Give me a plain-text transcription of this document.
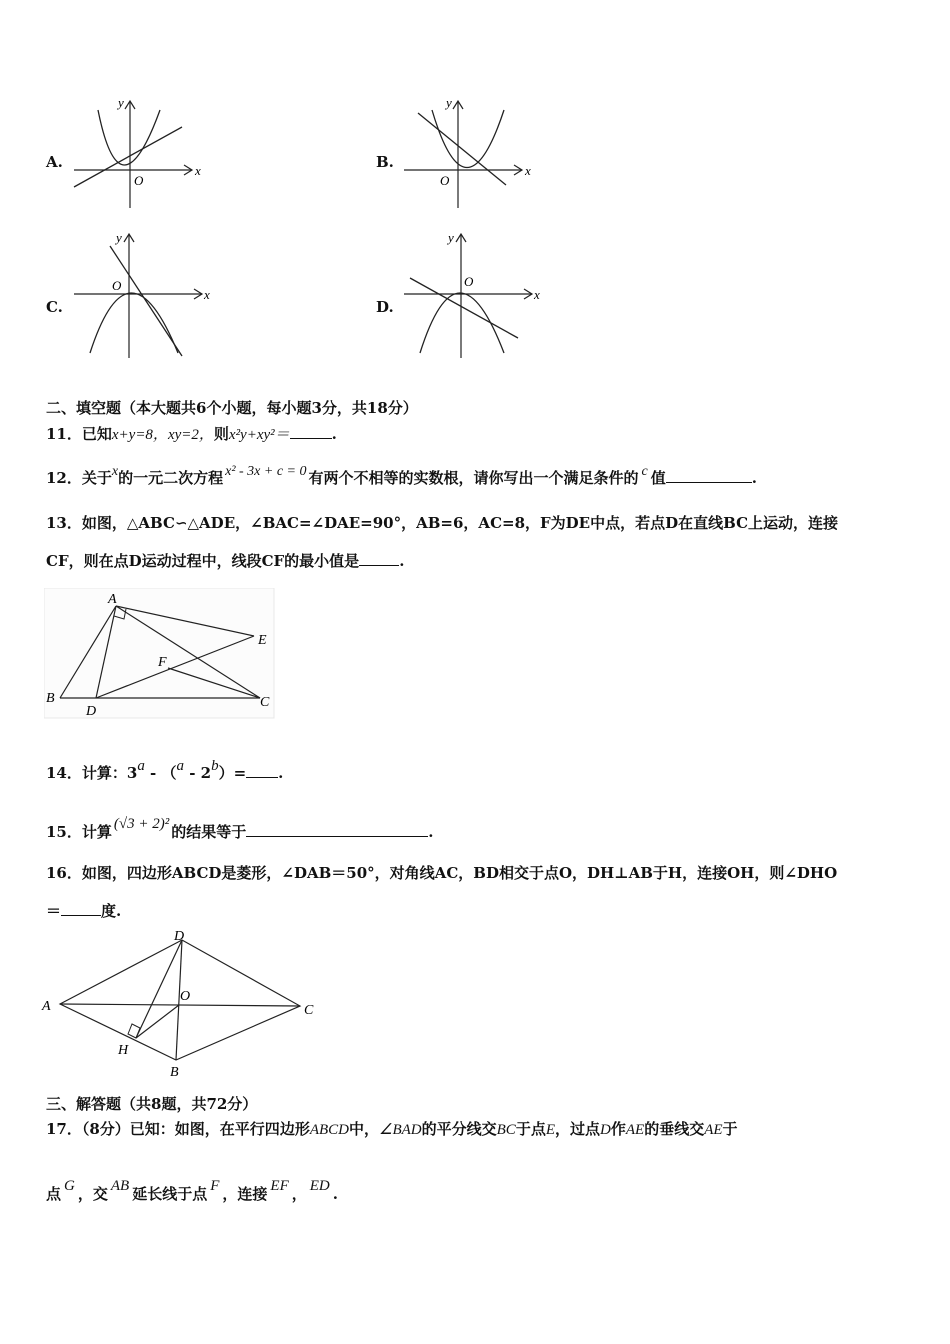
A.
y
x
O
B.
y
x
O
C.
y
x
O
D.
y
x
O
二、填空题（本大题共6个小题，每小题3分，共18分）
11．已知x+y=8，xy=2，则x²y+xy²＝	.
12．关于x的一元二次方程 x² - 3x + c = 0 有两个不相等的实数根，请你写出一个满足条件的 c 值	.
13．如图，△ABC∽△ADE，∠BAC=∠DAE=90°，AB=6，AC=8，F为DE中点，若点D在直线BC上运动，连接
CF，则在点D运动过程中，线段CF的最小值是	.
A
B	C
D
E
F
14．计算：3a - （a - 2b）= .
15．计算 (√3 + 2)² 的结果等于	.
16．如图，四边形ABCD是菱形，∠DAB＝50°，对角线AC，BD相交于点O，DH⊥AB于H，连接OH，则∠DHO
＝	度.
A
B
C
D
O
H
三、解答题（共8题，共72分）
17．（8分）已知：如图，在平行四边形ABCD中，∠BAD的平分线交BC于点E，过点D作AE的垂线交AE于
点 G ，交 AB 延长线于点 F ，连接 EF ， ED .
